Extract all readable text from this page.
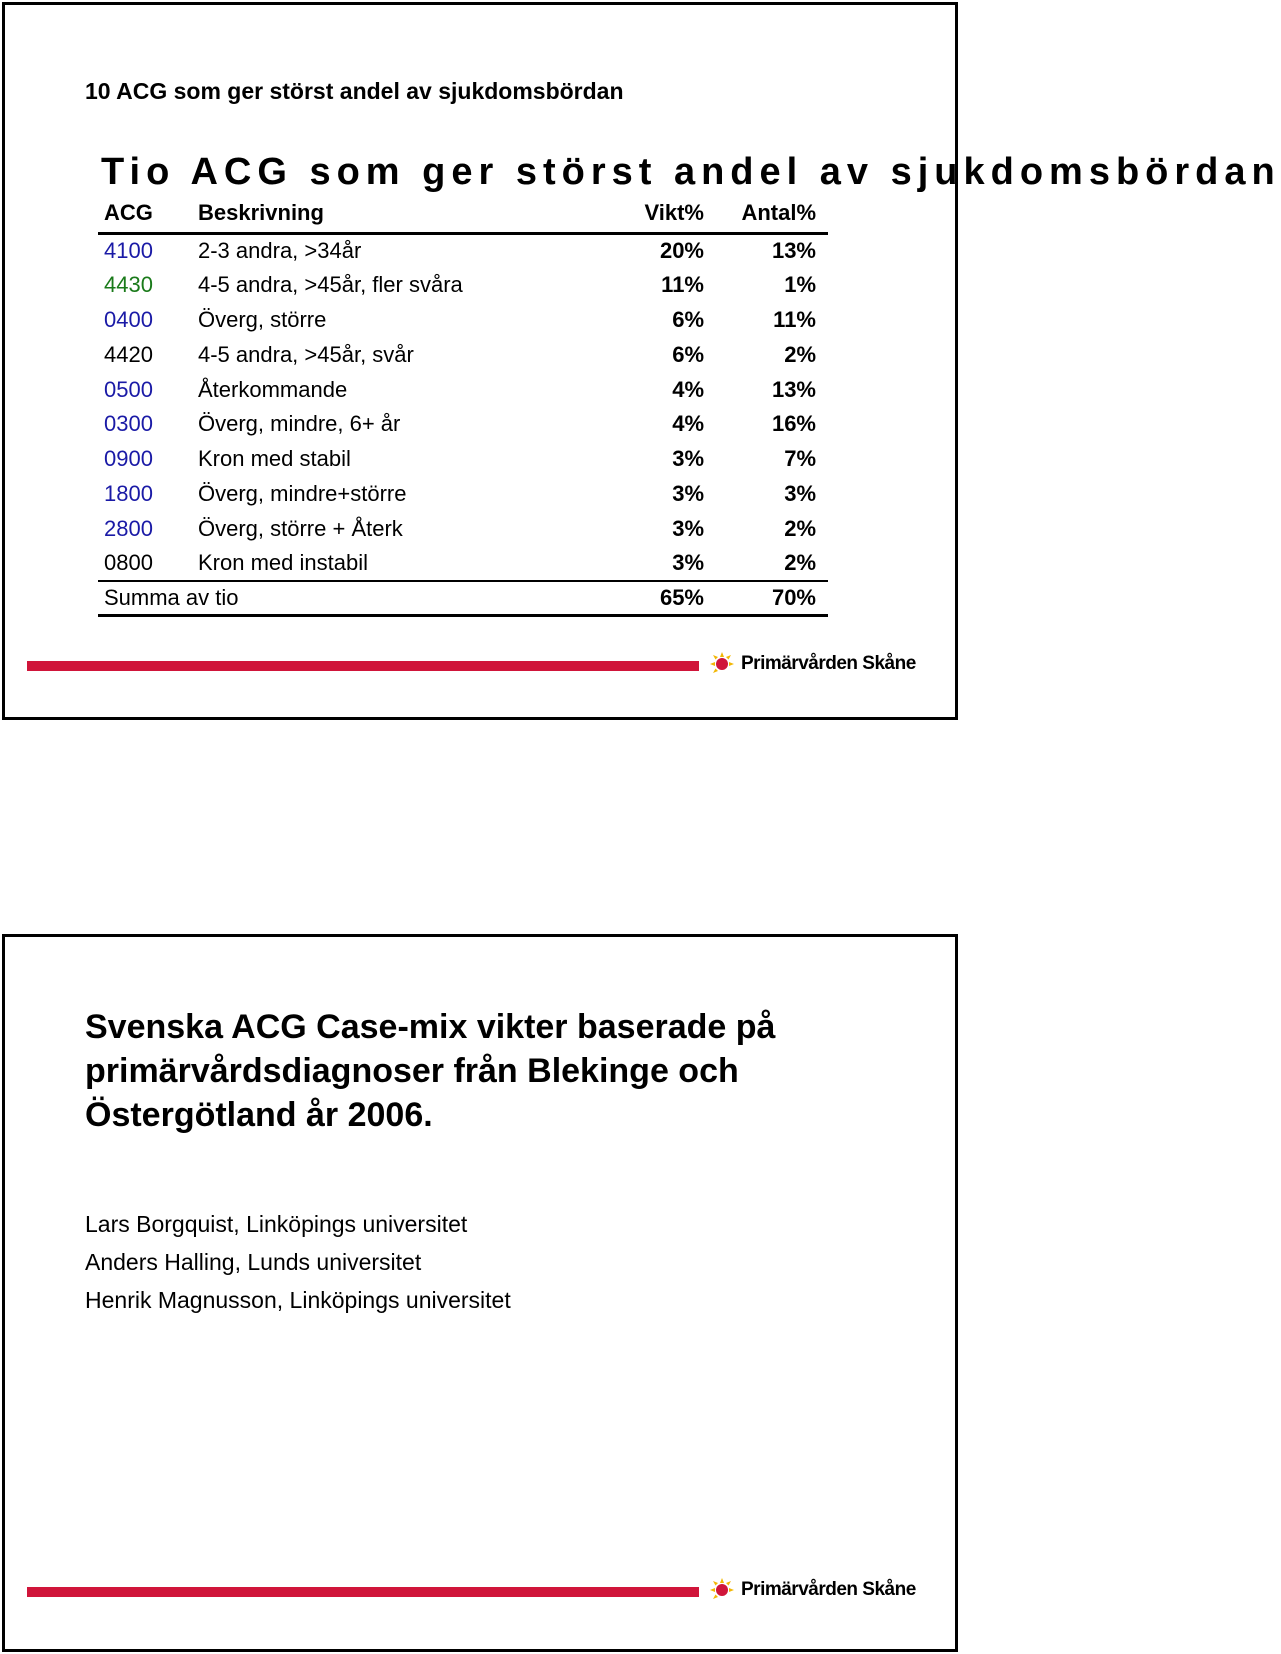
10 ACG som ger störst andel av sjukdomsbördan
Tio ACG som ger störst andel av sjukdomsbördan
ACG	Beskrivning	Vikt%	Antal%
4100	2-3 andra, >34år	20%	13%
4430	4-5 andra, >45år, fler svåra	11%	1%
0400	Överg, större	6%	11%
4420	4-5 andra, >45år, svår	6%	2%
0500	Återkommande	4%	13%
0300	Överg, mindre, 6+ år	4%	16%
0900	Kron med stabil	3%	7%
1800	Överg, mindre+större	3%	3%
2800	Överg, större + Återk	3%	2%
0800	Kron med instabil	3%	2%
Summa av tio		65%	70%
Primärvården Skåne
Svenska ACG Case-mix vikter baserade på primärvårdsdiagnoser från Blekinge och Östergötland år 2006.
Lars Borgquist, Linköpings universitet
Anders Halling, Lunds universitet
Henrik Magnusson, Linköpings universitet
Primärvården Skåne
